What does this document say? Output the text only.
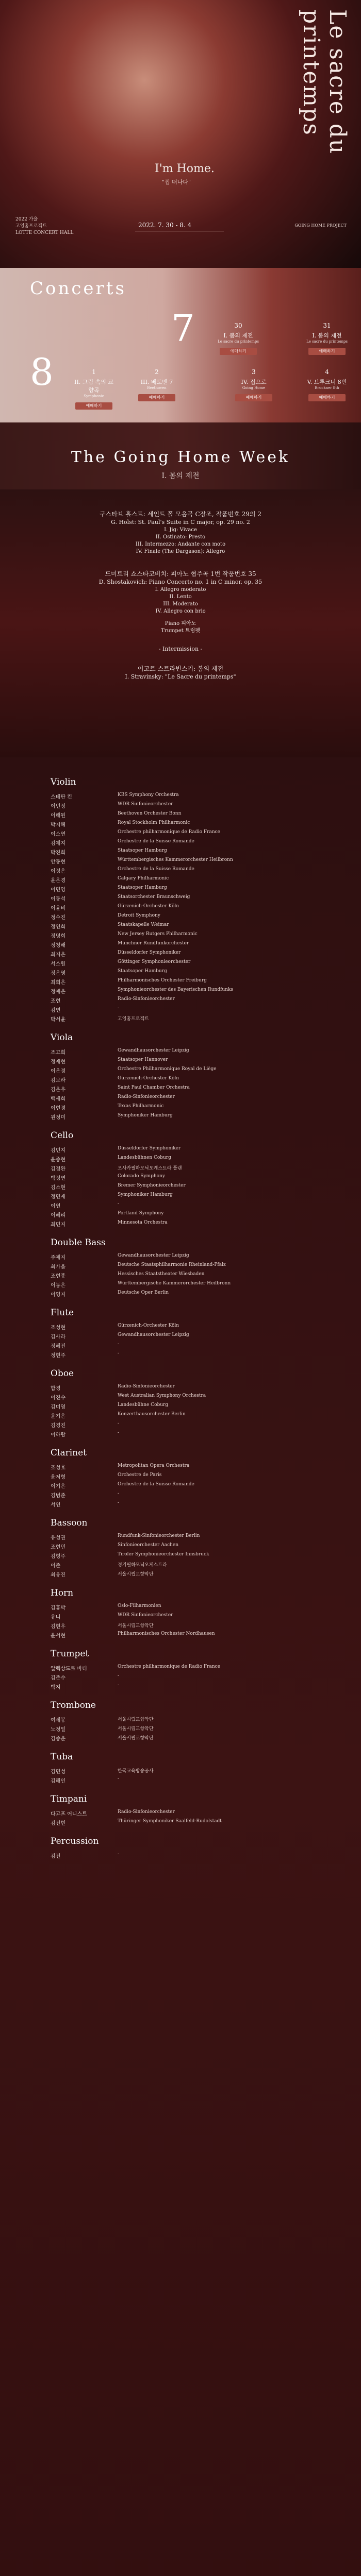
Le sacre du printemps
I'm Home.
"집 떠나다"
2022 가을
고잉홈프로젝트
LOTTE CONCERT HALL
2022. 7. 30 - 8. 4	GOING HOME PROJECT
Concerts
8
7	30
I. 봄의 제전
Le sacre du printemps
예매하기
31
I. 봄의 제전
Le sacre du printemps
예매하기
1
II. 그림 속의 교향곡
Symphonie
예매하기
2
III. 베토벤 7
Beethoven
예매하기
3
IV. 집으로
Going Home
예매하기
4
V. 브루크너 8번
Bruckner 8th
예매하기
The Going Home Week
I. 봄의 제전
구스타브 홀스트: 세인트 폴 모음곡 C장조, 작품번호 29의 2
G. Holst: St. Paul's Suite in C major, op. 29 no. 2
I. Jig: Vivace
II. Ostinato: Presto
III. Intermezzo: Andante con moto
IV. Finale (The Dargason): Allegro
드미트리 쇼스타코비치: 피아노 협주곡 1번 작품번호 35
D. Shostakovich: Piano Concerto no. 1 in C minor, op. 35
I. Allegro moderato
II. Lento
III. Moderato
IV. Allegro con brio
Piano 피아노
Trumpet 트럼펫
- Intermission -
이고르 스트라빈스키: 봄의 제전
I. Stravinsky: "Le Sacre du printemps"
Violin
스테판 킨	KBS Symphony Orchestra
이민정	WDR Sinfonieorchester
이해원	Beethoven Orchester Bonn
박지혜	Royal Stockholm Philharmonic
이소연	Orchestre philharmonique de Radio France
김예지	Orchestre de la Suisse Romande
박진희	Staatsoper Hamburg
안동현	Württembergisches Kammerorchester Heilbronn
이정은	Orchestre de la Suisse Romande
윤은경	Calgary Philharmonic
이민영	Staatsoper Hamburg
이동석	Staatsorchester Braunschweig
이윤비	Gürzenich-Orchester Köln
정수진	Detroit Symphony
정연희	Staatskapelle Weimar
정명희	New Jersey Rutgers Philharmonic
정청해	Münchner Rundfunkorchester
최지은	Düsseldorfer Symphoniker
서소원	Göttinger Symphonieorchester
정은영	Staatsoper Hamburg
최희은	Philharmonisches Orchester Freiburg
정예은	Symphonieorchester des Bayerischen Rundfunks
조현	Radio-Sinfonieorchester
김연	-
박서윤	고잉홈프로젝트
Viola
조고희	Gewandhausorchester Leipzig
정재현	Staatsoper Hannover
이은경	Orchestre Philharmonique Royal de Liège
김보라	Gürzenich-Orchester Köln
김은우	Saint Paul Chamber Orchestra
백세희	Radio-Sinfonieorchester
이현경	Texas Philharmonic
원정미	Symphoniker Hamburg
Cello
김민지	Düsseldorfer Symphoniker
윤종현	Landesbühnen Coburg
김경완	오사카필하모닉오케스트라 플랜
박정연	Colorado Symphony
김소현	Bremer Symphonieorchester
정민재	Symphoniker Hamburg
이연	-
이혜리	Portland Symphony
최민지	Minnesota Orchestra
Double Bass
주예지	Gewandhausorchester Leipzig
최가을	Deutsche Staatsphilharmonie Rheinland-Pfalz
조현종	Hessisches Staatstheater Wiesbaden
이동은	Württembergische Kammerorchester Heilbronn
이영지	Deutsche Oper Berlin
Flute
조성현	Gürzenich-Orchester Köln
김사라	Gewandhausorchester Leipzig
정혜진	-
정현주	-
Oboe
함경	Radio-Sinfonieorchester
이진수	West Australian Symphony Orchestra
김미영	Landesbühne Coburg
윤기은	Konzerthausorchester Berlin
김경진	-
이하람	-
Clarinet
조성호	Metropolitan Opera Orchestra
윤저형	Orchestre de Paris
이기은	Orchestre de la Suisse Romande
김범준	-
서연	-
Bassoon
유성권	Rundfunk-Sinfonieorchester Berlin
조현민	Sinfonieorchester Aachen
김형주	Tiroler Symphonieorchester Innsbruck
이준	경기필하모닉오케스트라
최유진	서울시립교향악단
Horn
김홍박	Oslo-Filharmonien
유니	WDR Sinfonieorchester
김현우	서울시립교향악단
윤서현	Philharmonisches Orchester Nordhausen
Trumpet
알렉상드르 바티	Orchestre philharmonique de Radio France
김준수	-
박지	-
Trombone
여세봉	서울시립교향악단
노정일	서울시립교향악단
김종운	서울시립교향악단
Tuba
김민성	한국교육방송공사
김해인	-
Timpani
다고프 어니스트	Radio-Sinfonieorchester
김진현	Thüringer Symphoniker Saalfeld-Rudolstadt
Percussion
김진	-
